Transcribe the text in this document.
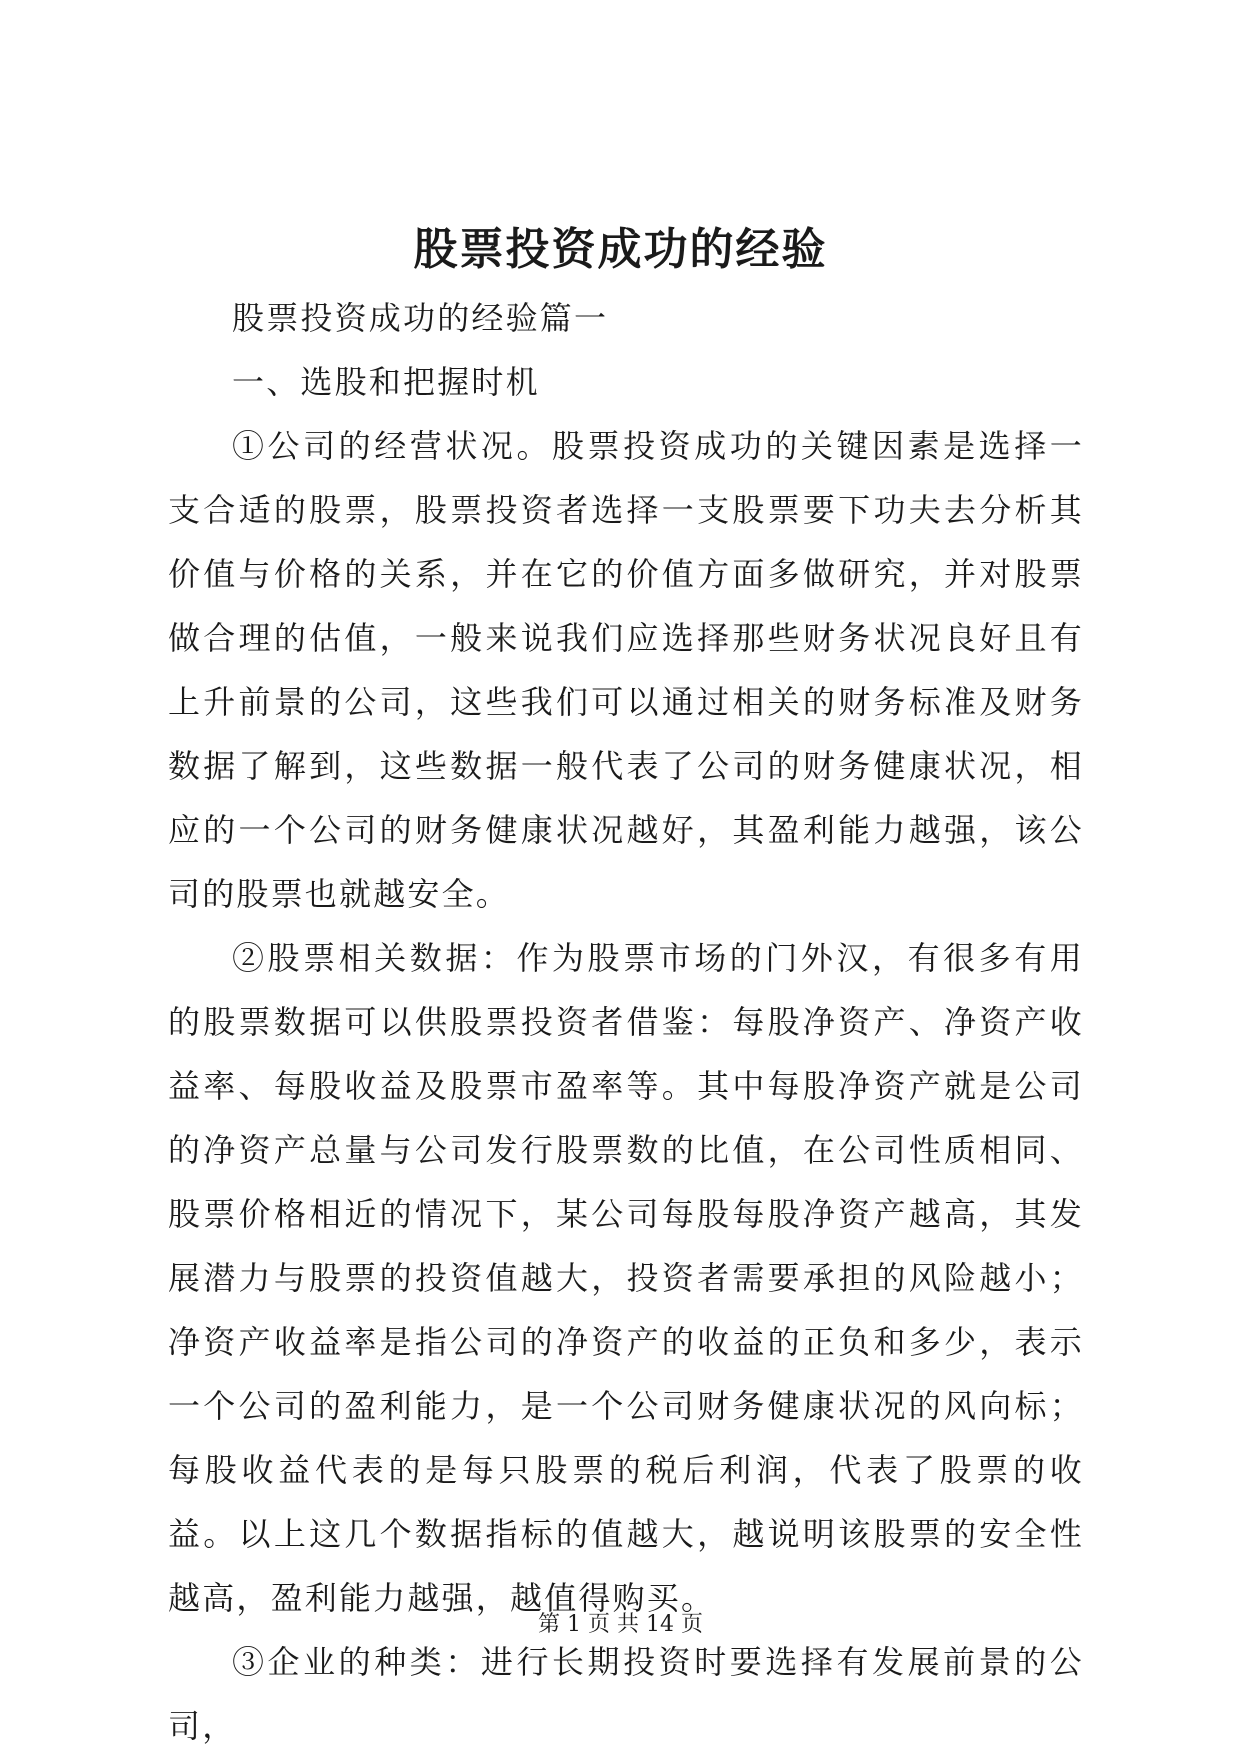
股票投资成功的经验

股票投资成功的经验篇一

一、选股和把握时机

①公司的经营状况。股票投资成功的关键因素是选择一支合适的股票，股票投资者选择一支股票要下功夫去分析其价值与价格的关系，并在它的价值方面多做研究，并对股票做合理的估值，一般来说我们应选择那些财务状况良好且有上升前景的公司，这些我们可以通过相关的财务标准及财务数据了解到，这些数据一般代表了公司的财务健康状况，相应的一个公司的财务健康状况越好，其盈利能力越强，该公司的股票也就越安全。

②股票相关数据：作为股票市场的门外汉，有很多有用的股票数据可以供股票投资者借鉴：每股净资产、净资产收益率、每股收益及股票市盈率等。其中每股净资产就是公司的净资产总量与公司发行股票数的比值，在公司性质相同、股票价格相近的情况下，某公司每股每股净资产越高，其发展潜力与股票的投资值越大，投资者需要承担的风险越小；净资产收益率是指公司的净资产的收益的正负和多少，表示一个公司的盈利能力，是一个公司财务健康状况的风向标；每股收益代表的是每只股票的税后利润，代表了股票的收益。以上这几个数据指标的值越大，越说明该股票的安全性越高，盈利能力越强，越值得购买。

③企业的种类：进行长期投资时要选择有发展前景的公司，

第 1 页 共 14 页
